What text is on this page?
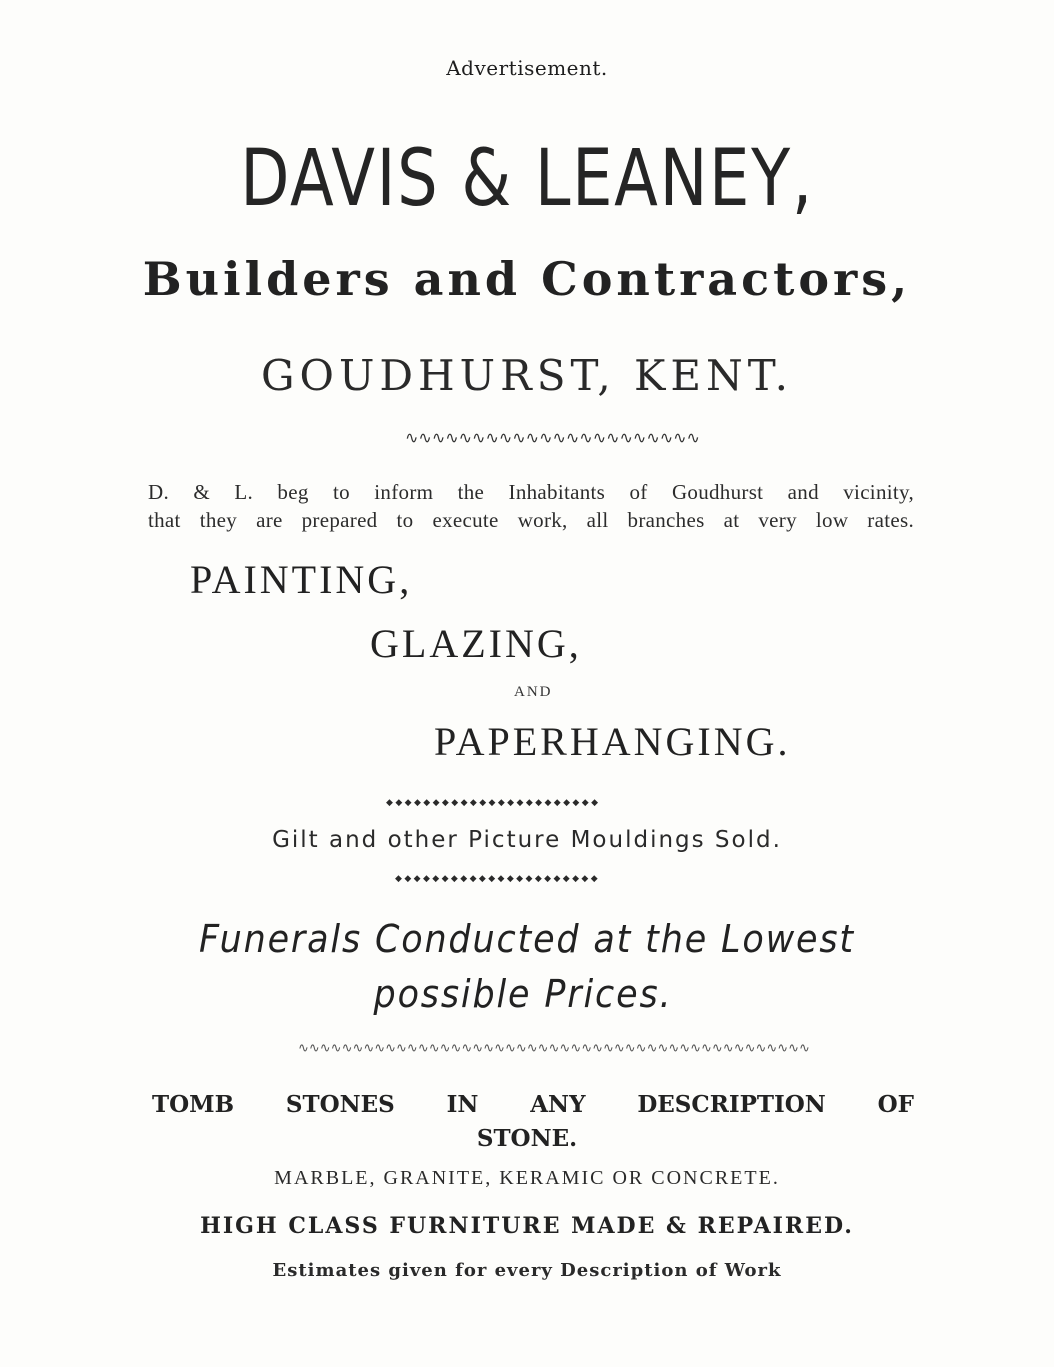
Advertisement.
DAVIS & LEANEY,
Builders and Contractors,
GOUDHURST, KENT.
∿∿∿∿∿∿∿∿∿∿∿∿∿∿∿∿∿∿∿∿∿∿
D. & L. beg to inform the Inhabitants of Goudhurst and vicinity,
that they are prepared to execute work, all branches at very low rates.
PAINTING,
GLAZING,
AND
PAPERHANGING.
◆◆◆◆◆◆◆◆◆◆◆◆◆◆◆◆◆◆◆◆◆◆◆
Gilt and other Picture Mouldings Sold.
◆◆◆◆◆◆◆◆◆◆◆◆◆◆◆◆◆◆◆◆◆◆
Funerals Conducted at the Lowest
possible Prices.
∿∿∿∿∿∿∿∿∿∿∿∿∿∿∿∿∿∿∿∿∿∿∿∿∿∿∿∿∿∿∿∿∿∿∿∿∿∿∿∿∿∿∿∿∿∿∿
TOMB STONES IN ANY DESCRIPTION OF
STONE.
MARBLE, GRANITE, KERAMIC OR CONCRETE.
HIGH CLASS FURNITURE MADE & REPAIRED.
Estimates given for every Description of Work
